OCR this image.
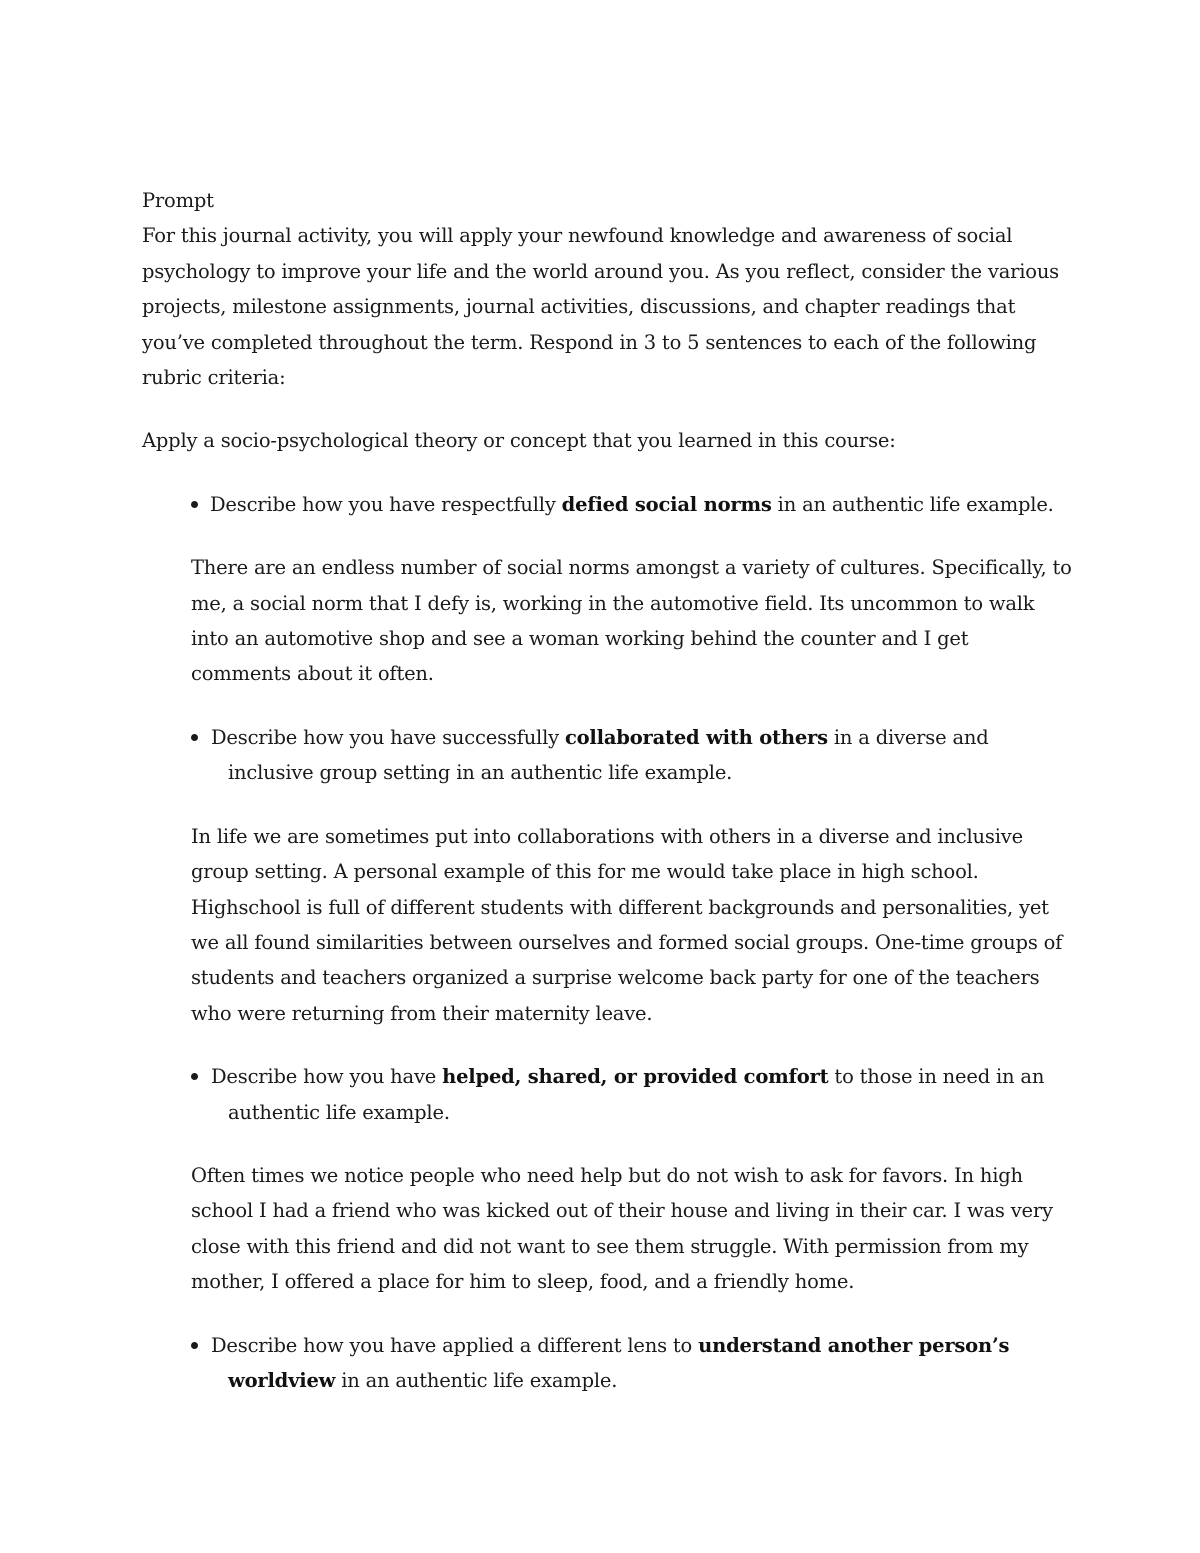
Prompt

For this journal activity, you will apply your newfound knowledge and awareness of social psychology to improve your life and the world around you. As you reflect, consider the various projects, milestone assignments, journal activities, discussions, and chapter readings that you’ve completed throughout the term. Respond in 3 to 5 sentences to each of the following rubric criteria:

Apply a socio-psychological theory or concept that you learned in this course:

Describe how you have respectfully defied social norms in an authentic life example.

There are an endless number of social norms amongst a variety of cultures. Specifically, to me, a social norm that I defy is, working in the automotive field. Its uncommon to walk into an automotive shop and see a woman working behind the counter and I get comments about it often.

Describe how you have successfully collaborated with others in a diverse and inclusive group setting in an authentic life example.

In life we are sometimes put into collaborations with others in a diverse and inclusive group setting. A personal example of this for me would take place in high school. Highschool is full of different students with different backgrounds and personalities, yet we all found similarities between ourselves and formed social groups. One-time groups of students and teachers organized a surprise welcome back party for one of the teachers who were returning from their maternity leave.

Describe how you have helped, shared, or provided comfort to those in need in an authentic life example.

Often times we notice people who need help but do not wish to ask for favors. In high school I had a friend who was kicked out of their house and living in their car. I was very close with this friend and did not want to see them struggle. With permission from my mother, I offered a place for him to sleep, food, and a friendly home.

Describe how you have applied a different lens to understand another person’s worldview in an authentic life example.
